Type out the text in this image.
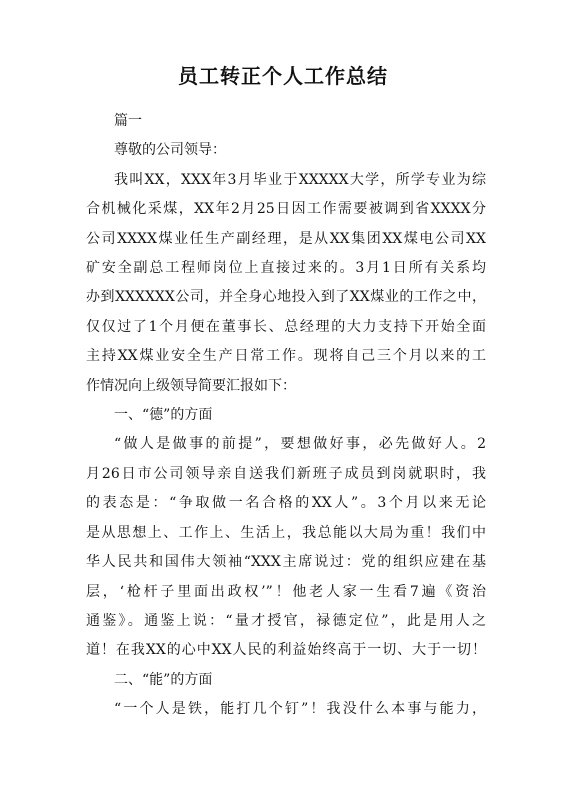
员工转正个人工作总结
篇一
尊敬的公司领导：
我叫XX，XXX年3月毕业于XXXXX大学，所学专业为综
合机械化采煤，XX年2月25日因工作需要被调到省XXXX分
公司XXXX煤业任生产副经理，是从XX集团XX煤电公司XX
矿安全副总工程师岗位上直接过来的。3月1日所有关系均
办到XXXXXX公司，并全身心地投入到了XX煤业的工作之中，
仅仅过了1个月便在董事长、总经理的大力支持下开始全面
主持XX煤业安全生产日常工作。现将自己三个月以来的工
作情况向上级领导简要汇报如下：
一、“德”的方面
“做人是做事的前提”，要想做好事，必先做好人。2
月26日市公司领导亲自送我们新班子成员到岗就职时，我
的表态是：“争取做一名合格的XX人”。3个月以来无论
是从思想上、工作上、生活上，我总能以大局为重！我们中
华人民共和国伟大领袖“XXX主席说过：党的组织应建在基
层，‘枪杆子里面出政权’”！他老人家一生看7遍《资治
通鉴》。通鉴上说：“量才授官，禄德定位”，此是用人之
道！在我XX的心中XX人民的利益始终高于一切、大于一切！
二、“能”的方面
“一个人是铁，能打几个钉”！我没什么本事与能力，
